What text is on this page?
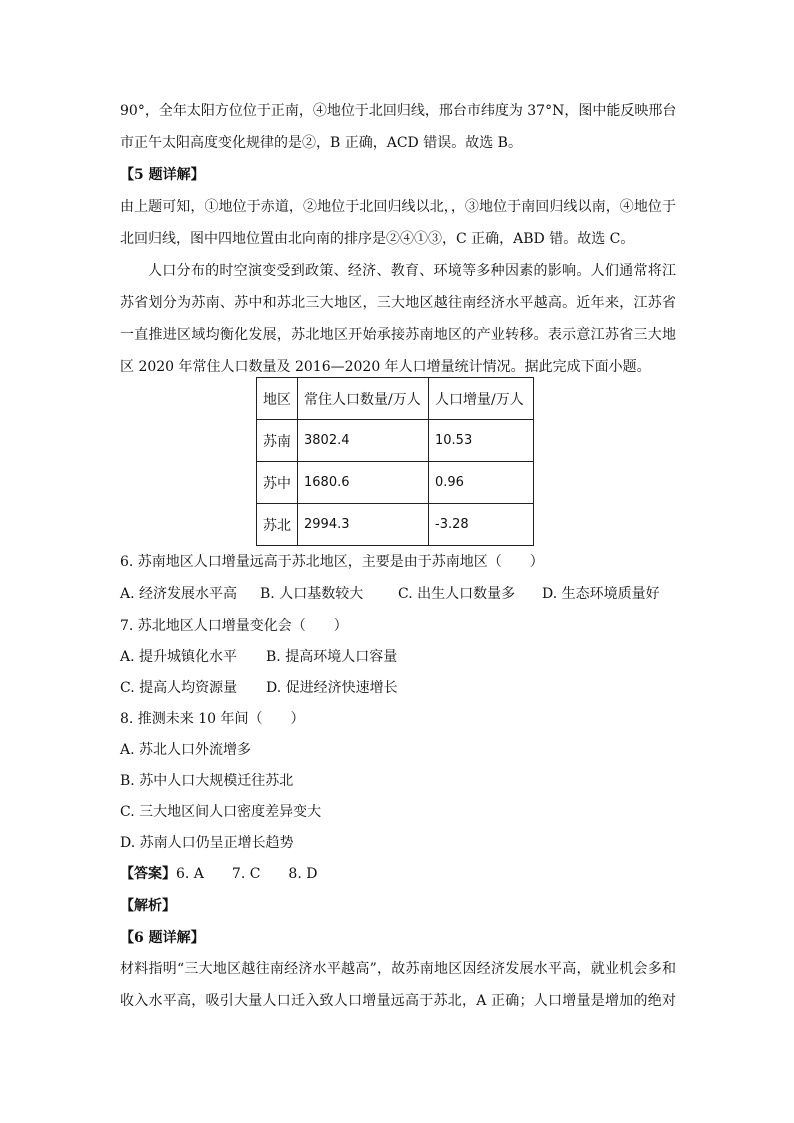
90°，全年太阳方位位于正南，④地位于北回归线，邢台市纬度为 37°N，图中能反映邢台
市正午太阳高度变化规律的是②，B 正确，ACD 错误。故选 B。
【5 题详解】
由上题可知，①地位于赤道，②地位于北回归线以北，，③地位于南回归线以南，④地位于
北回归线，图中四地位置由北向南的排序是②④①③，C 正确，ABD 错。故选 C。
人口分布的时空演变受到政策、经济、教育、环境等多种因素的影响。人们通常将江
苏省划分为苏南、苏中和苏北三大地区，三大地区越往南经济水平越高。近年来，江苏省
一直推进区域均衡化发展，苏北地区开始承接苏南地区的产业转移。表示意江苏省三大地
区 2020 年常住人口数量及 2016—2020 年人口增量统计情况。据此完成下面小题。
地区	常住人口数量/万人	人口增量/万人
苏南	3802.4	10.53
苏中	1680.6	0.96
苏北	2994.3	-3.28
6. 苏南地区人口增量远高于苏北地区，主要是由于苏南地区（　　）
A. 经济发展水平高 B. 人口基数较大 C. 出生人口数量多 D. 生态环境质量好
7. 苏北地区人口增量变化会（　　）
A. 提升城镇化水平 B. 提高环境人口容量
C. 提高人均资源量 D. 促进经济快速增长
8. 推测未来 10 年间（　　）
A. 苏北人口外流增多
B. 苏中人口大规模迁往苏北
C. 三大地区间人口密度差异变大
D. 苏南人口仍呈正增长趋势
【答案】6. A　　7. C　　8. D
【解析】
【6 题详解】
材料指明“三大地区越往南经济水平越高”，故苏南地区因经济发展水平高，就业机会多和
收入水平高，吸引大量人口迁入致人口增量远高于苏北，A 正确；人口增量是增加的绝对
